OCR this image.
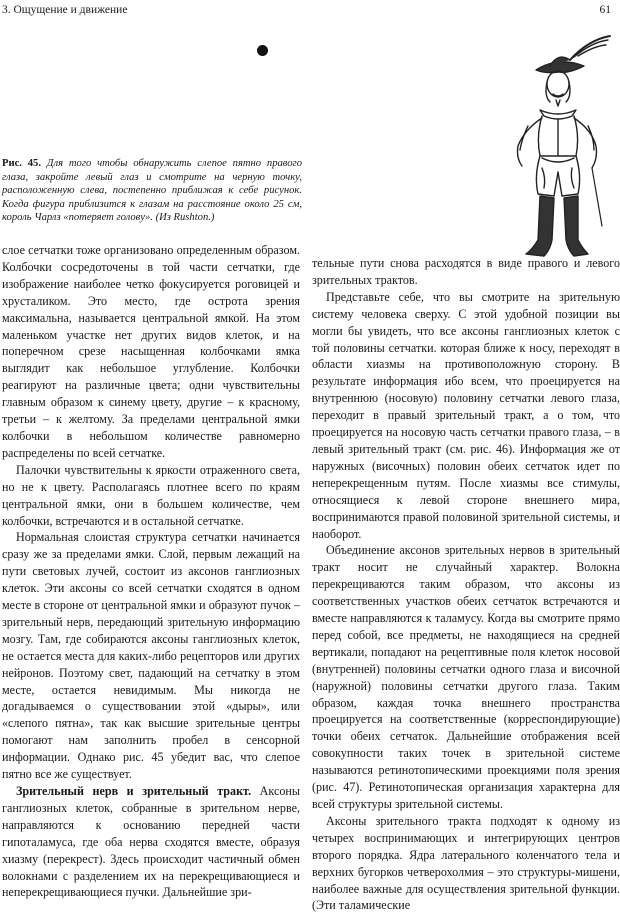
3. Ощущение и движение	61
Рис. 45. Для того чтобы обнаружить слепое пятно правого глаза, закройте левый глаз и смотрите на черную точку, расположенную слева, постепенно приближая к себе рисунок. Когда фигура приблизится к глазам на расстояние около 25 см, король Чарлз «потеряет голову». (Из Rushton.)

слое сетчатки тоже организовано определенным образом. Колбочки сосредоточены в той части сетчатки, где изображение наиболее четко фокусируется роговицей и хрусталиком. Это место, где острота зрения максимальна, называется центральной ямкой. На этом маленьком участке нет других видов клеток, и на поперечном срезе насыщенная колбочками ямка выглядит как небольшое углубление. Колбочки реагируют на различные цвета; одни чувствительны главным образом к синему цвету, другие – к красному, третьи – к желтому. За пределами центральной ямки колбочки в небольшом количестве равномерно распределены по всей сетчатке.

Палочки чувствительны к яркости отраженного света, но не к цвету. Располагаясь плотнее всего по краям центральной ямки, они в большем количестве, чем колбочки, встречаются и в остальной сетчатке.

Нормальная слоистая структура сетчатки начинается сразу же за пределами ямки. Слой, первым лежащий на пути световых лучей, состоит из аксонов ганглиозных клеток. Эти аксоны со всей сетчатки сходятся в одном месте в стороне от центральной ямки и образуют пучок – зрительный нерв, передающий зрительную информацию мозгу. Там, где собираются аксоны ганглиозных клеток, не остается места для каких-либо рецепторов или других нейронов. Поэтому свет, падающий на сетчатку в этом месте, остается невидимым. Мы никогда не догадываемся о существовании этой «дыры», или «слепого пятна», так как высшие зрительные центры помогают нам заполнить пробел в сенсорной информации. Однако рис. 45 убедит вас, что слепое пятно все же существует.

Зрительный нерв и зрительный тракт. Аксоны ганглиозных клеток, собранные в зрительном нерве, направляются к основанию передней части гипоталамуса, где оба нерва сходятся вместе, образуя хиазму (перекрест). Здесь происходит частичный обмен волокнами с разделением их на перекрещивающиеся и неперекрещивающиеся пучки. Дальнейшие зри-

тельные пути снова расходятся в виде правого и левого зрительных трактов.

Представьте себе, что вы смотрите на зрительную систему человека сверху. С этой удобной позиции вы могли бы увидеть, что все аксоны ганглиозных клеток с той половины сетчатки. которая ближе к носу, переходят в области хиазмы на противоположную сторону. В результате информация ибо всем, что проецируется на внутреннюю (носовую) половину сетчатки левого глаза, переходит в правый зрительный тракт, а о том, что проецируется на носовую часть сетчатки правого глаза, – в левый зрительный тракт (см. рис. 46). Информация же от наружных (височных) половин обеих сетчаток идет по неперекрещенным путям. После хиазмы все стимулы, относящиеся к левой стороне внешнего мира, воспринимаются правой половиной зрительной системы, и наоборот.

Объединение аксонов зрительных нервов в зрительный тракт носит не случайный характер. Волокна перекрещиваются таким образом, что аксоны из соответственных участков обеих сетчаток встречаются и вместе направляются к таламусу. Когда вы смотрите прямо перед собой, все предметы, не находящиеся на средней вертикали, попадают на рецептивные поля клеток носовой (внутренней) половины сетчатки одного глаза и височной (наружной) половины сетчатки другого глаза. Таким образом, каждая точка внешнего пространства проецируется на соответственные (корреспондирующие) точки обеих сетчаток. Дальнейшие отображения всей совокупности таких точек в зрительной системе называются ретинотопическими проекциями поля зрения (рис. 47). Ретинотопическая организация характерна для всей структуры зрительной системы.

Аксоны зрительного тракта подходят к одному из четырех воспринимающих и интегрирующих центров второго порядка. Ядра латерального коленчатого тела и верхних бугорков четверохолмия – это структуры-мишени, наиболее важные для осуществления зрительной функции. (Эти таламические
